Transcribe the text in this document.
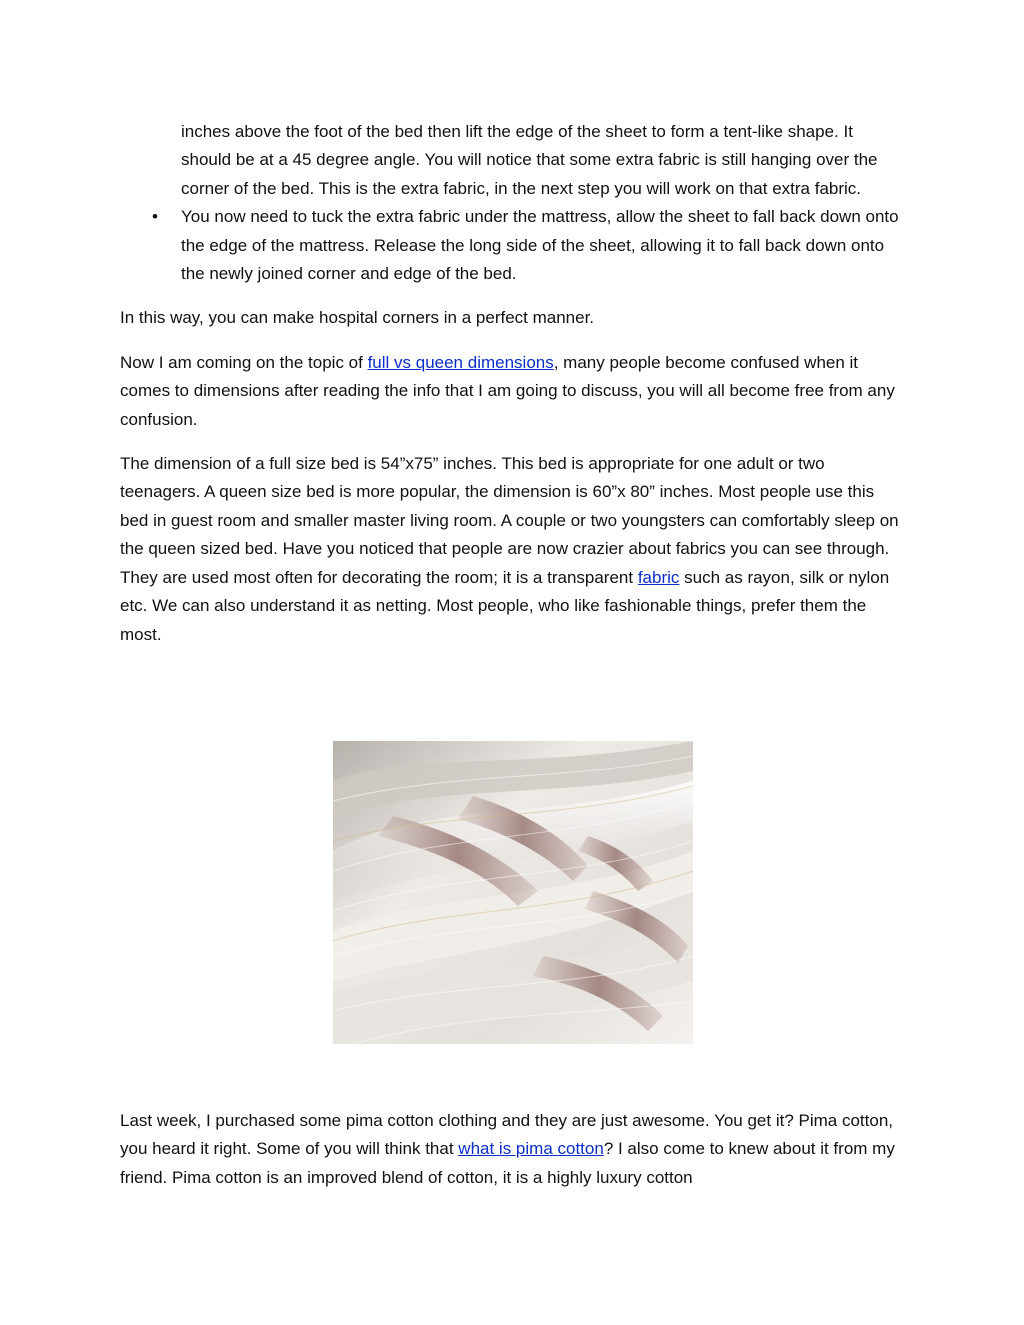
inches above the foot of the bed then lift the edge of the sheet to form a tent-like shape. It should be at a 45 degree angle. You will notice that some extra fabric is still hanging over the corner of the bed. This is the extra fabric, in the next step you will work on that extra fabric.
• You now need to tuck the extra fabric under the mattress, allow the sheet to fall back down onto the edge of the mattress. Release the long side of the sheet, allowing it to fall back down onto the newly joined corner and edge of the bed.

In this way, you can make hospital corners in a perfect manner.

Now I am coming on the topic of full vs queen dimensions, many people become confused when it comes to dimensions after reading the info that I am going to discuss, you will all become free from any confusion.

The dimension of a full size bed is 54”x75” inches. This bed is appropriate for one adult or two teenagers. A queen size bed is more popular, the dimension is 60”x 80” inches. Most people use this bed in guest room and smaller master living room. A couple or two youngsters can comfortably sleep on the queen sized bed. Have you noticed that people are now crazier about fabrics you can see through. They are used most often for decorating the room; it is a transparent fabric such as rayon, silk or nylon etc. We can also understand it as netting. Most people, who like fashionable things, prefer them the most.

Last week, I purchased some pima cotton clothing and they are just awesome. You get it? Pima cotton, you heard it right. Some of you will think that what is pima cotton? I also come to knew about it from my friend. Pima cotton is an improved blend of cotton, it is a highly luxury cotton
